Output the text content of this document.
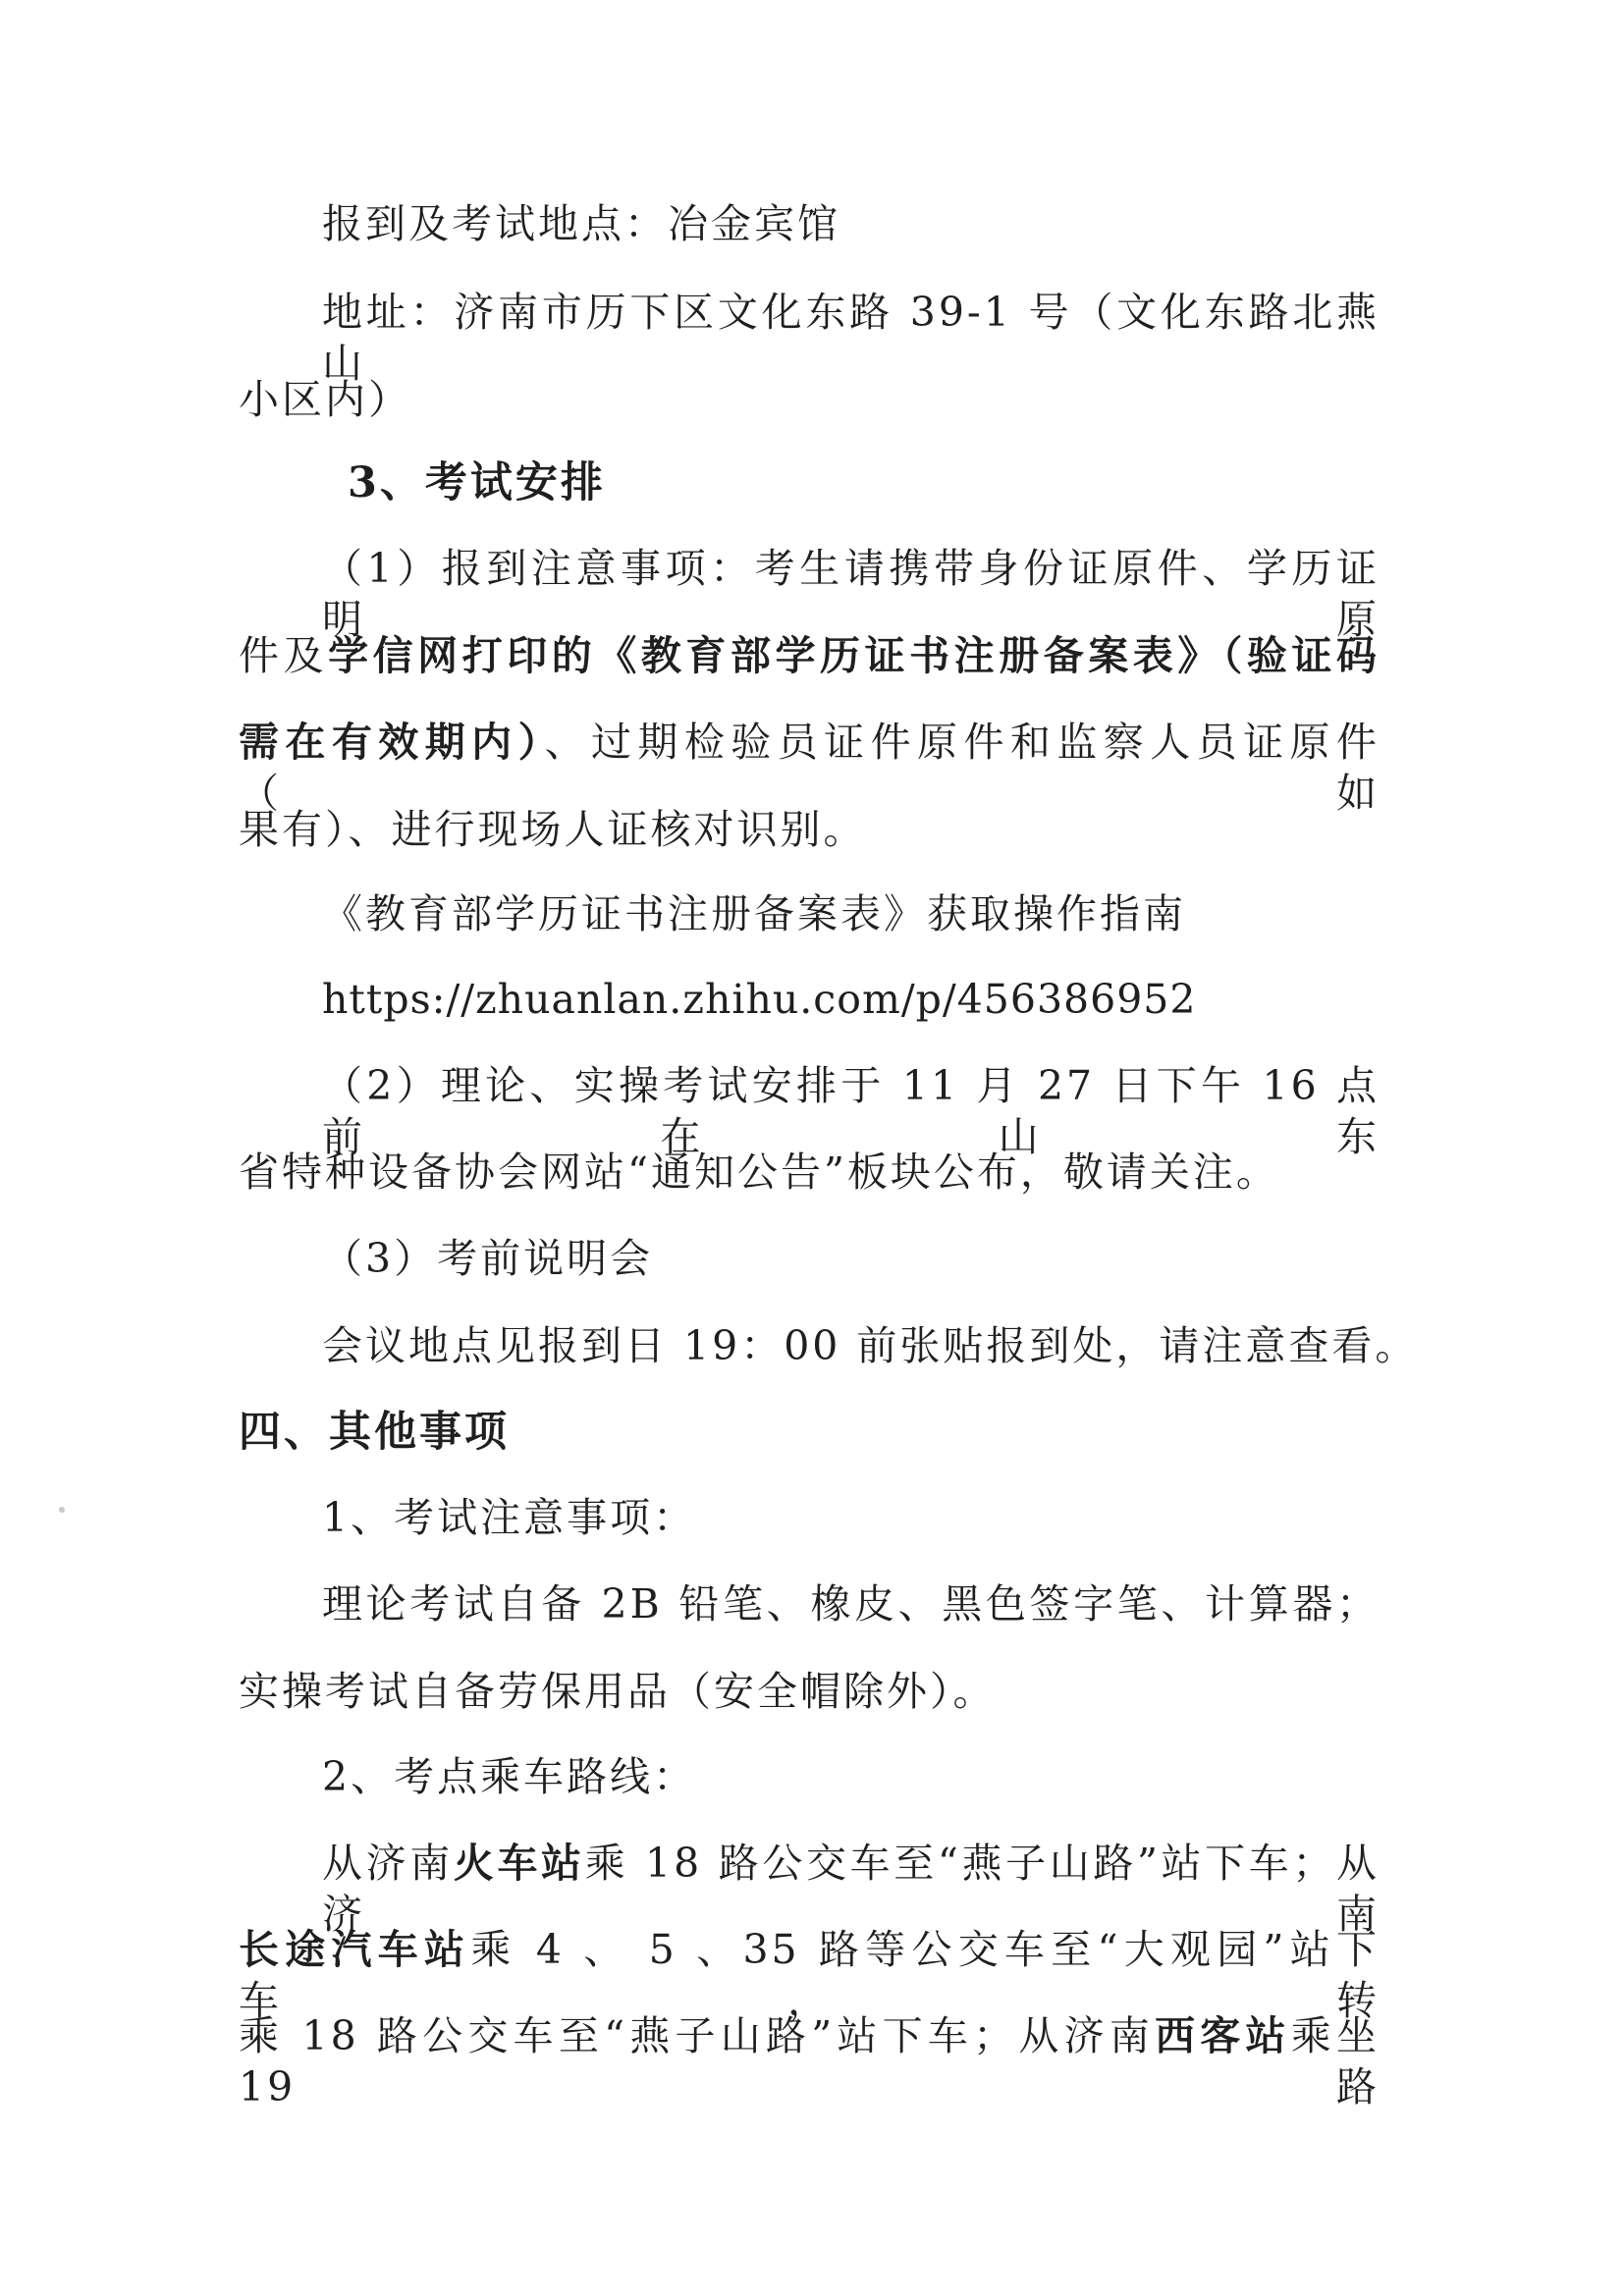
报到及考试地点：冶金宾馆

地址：济南市历下区文化东路 39-1 号（文化东路北燕山

小区内）

3、考试安排

（1）报到注意事项：考生请携带身份证原件、学历证明原

件及学信网打印的《教育部学历证书注册备案表》（验证码

需在有效期内）、过期检验员证件原件和监察人员证原件（如

果有）、进行现场人证核对识别。

《教育部学历证书注册备案表》获取操作指南

https://zhuanlan.zhihu.com/p/456386952

（2）理论、实操考试安排于 11 月 27 日下午 16 点前在山东

省特种设备协会网站“通知公告”板块公布，敬请关注。

（3）考前说明会

会议地点见报到日 19：00 前张贴报到处，请注意查看。

四、其他事项

1、考试注意事项：

理论考试自备 2B 铅笔、橡皮、黑色签字笔、计算器；

实操考试自备劳保用品（安全帽除外）。

2、考点乘车路线：

从济南火车站乘 18 路公交车至“燕子山路”站下车；从济南

长途汽车站乘 4 、 5 、35 路等公交车至“大观园”站下车，转

乘 18 路公交车至“燕子山路”站下车；从济南西客站乘坐 19 路
